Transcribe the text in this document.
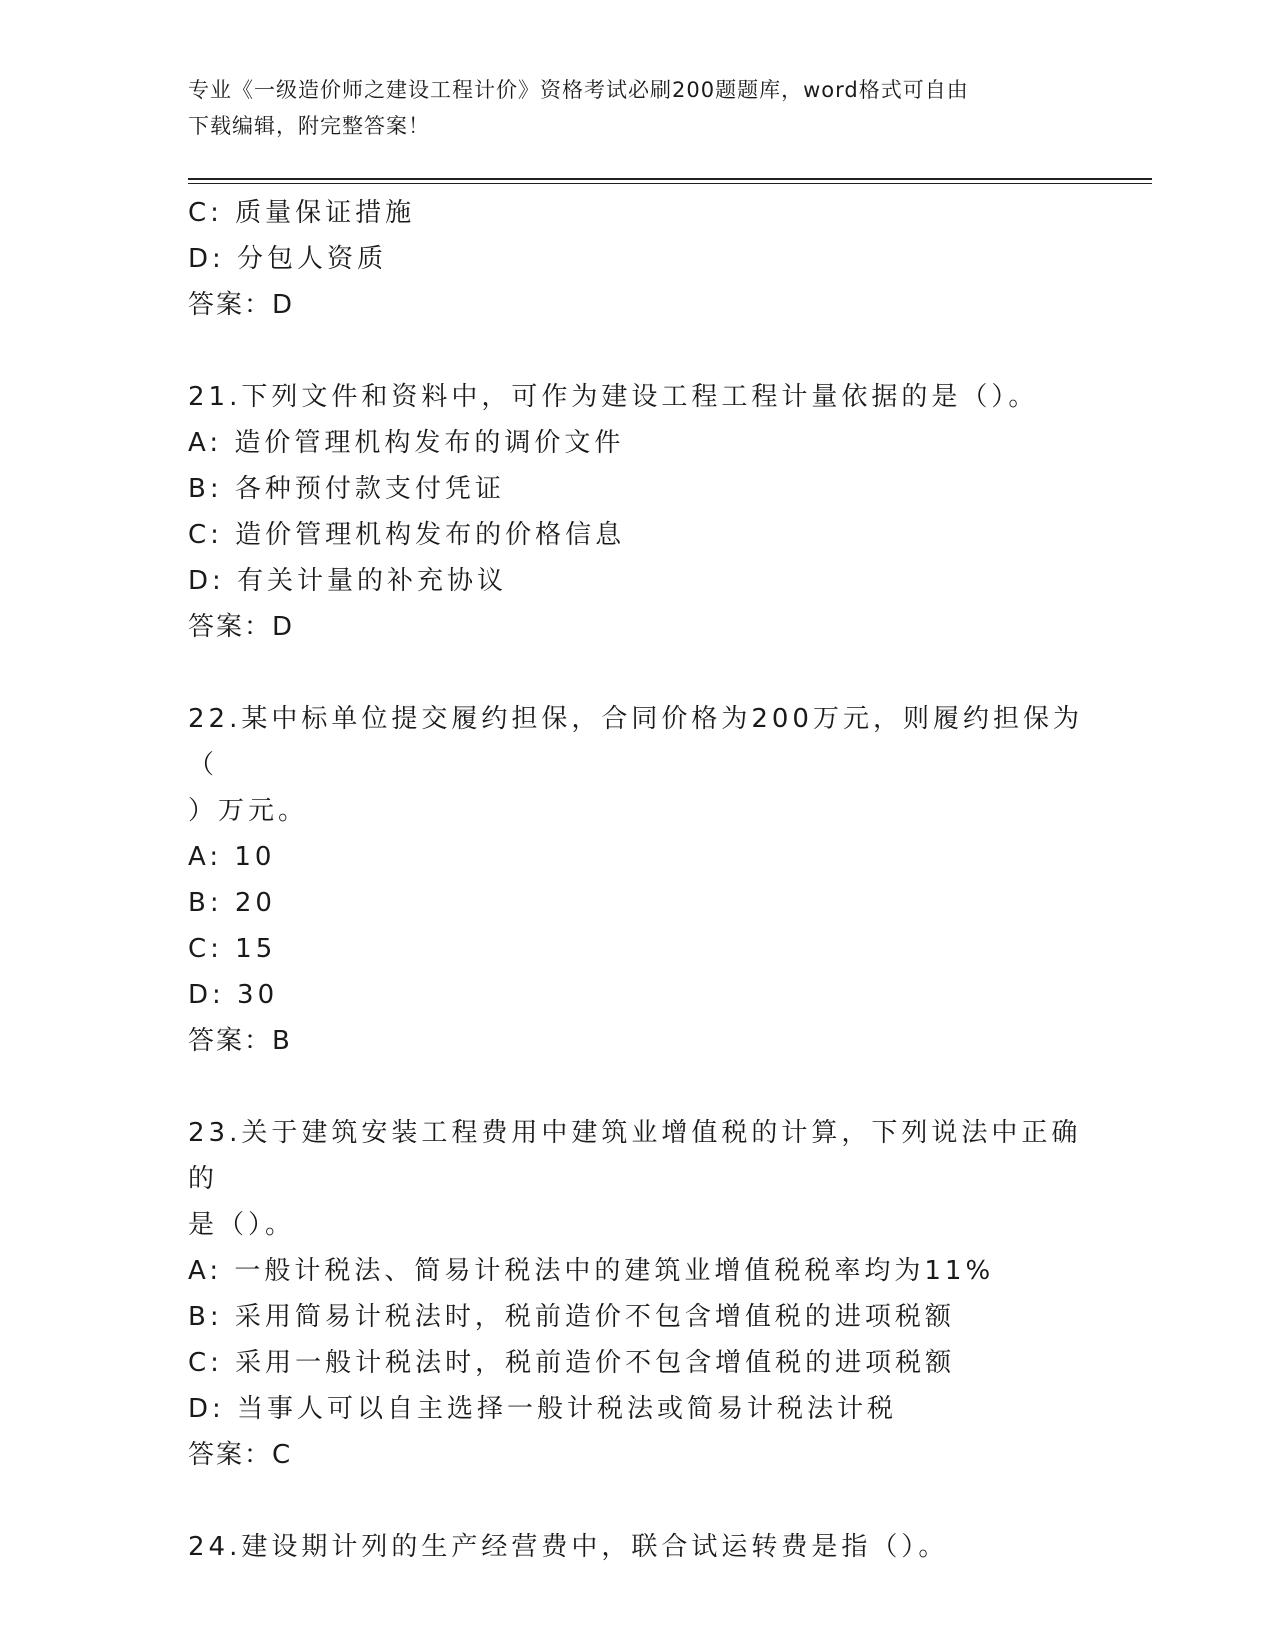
专业《一级造价师之建设工程计价》资格考试必刷200题题库，word格式可自由
下载编辑，附完整答案！
C: 质量保证措施
D: 分包人资质
答案：D
21.下列文件和资料中，可作为建设工程工程计量依据的是（）。
A: 造价管理机构发布的调价文件
B: 各种预付款支付凭证
C: 造价管理机构发布的价格信息
D: 有关计量的补充协议
答案：D
22.某中标单位提交履约担保，合同价格为200万元，则履约担保为（
）万元。
A: 10
B: 20
C: 15
D: 30
答案：B
23.关于建筑安装工程费用中建筑业增值税的计算，下列说法中正确的
是（）。
A: 一般计税法、简易计税法中的建筑业增值税税率均为11%
B: 采用简易计税法时，税前造价不包含增值税的进项税额
C: 采用一般计税法时，税前造价不包含增值税的进项税额
D: 当事人可以自主选择一般计税法或简易计税法计税
答案：C
24.建设期计列的生产经营费中，联合试运转费是指（）。
